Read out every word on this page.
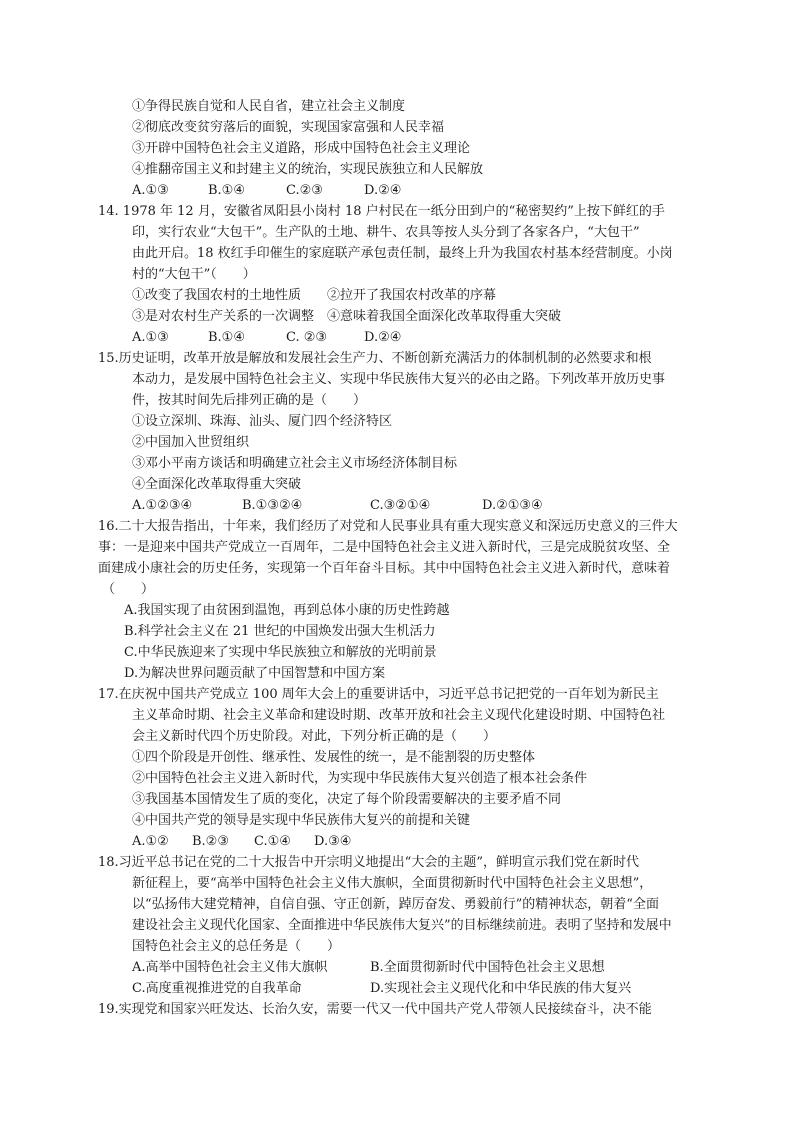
①争得民族自觉和人民自省，建立社会主义制度
②彻底改变贫穷落后的面貌，实现国家富强和人民幸福
③开辟中国特色社会主义道路，形成中国特色社会主义理论
④推翻帝国主义和封建主义的统治，实现民族独立和人民解放
A.①③	B.①④	C.②③	D.②④
14. 1978 年 12 月，安徽省凤阳县小岗村 18 户村民在一纸分田到户的“秘密契约”上按下鲜红的手
印，实行农业“大包干”。生产队的土地、耕牛、农具等按人头分到了各家各户，“大包干”
由此开启。18 枚红手印催生的家庭联产承包责任制，最终上升为我国农村基本经营制度。小岗
村的“大包干”（　　）
①改变了我国农村的土地性质　　②拉开了我国农村改革的序幕
③是对农村生产关系的一次调整　④意味着我国全面深化改革取得重大突破
A.①③	B.①④	C. ②③	D.②④
15.历史证明，改革开放是解放和发展社会生产力、不断创新充满活力的体制机制的必然要求和根
本动力，是发展中国特色社会主义、实现中华民族伟大复兴的必由之路。下列改革开放历史事
件，按其时间先后排列正确的是（　　）
①设立深圳、珠海、汕头、厦门四个经济特区
②中国加入世贸组织
③邓小平南方谈话和明确建立社会主义市场经济体制目标
④全面深化改革取得重大突破
A.①②③④	B.①③②④	C.③②①④	D.②①③④
16.二十大报告指出，十年来，我们经历了对党和人民事业具有重大现实意义和深远历史意义的三件大
事：一是迎来中国共产党成立一百周年，二是中国特色社会主义进入新时代，三是完成脱贫攻坚、全
面建成小康社会的历史任务，实现第一个百年奋斗目标。其中中国特色社会主义进入新时代，意味着
（　　）
A.我国实现了由贫困到温饱，再到总体小康的历史性跨越
B.科学社会主义在 21 世纪的中国焕发出强大生机活力
C.中华民族迎来了实现中华民族独立和解放的光明前景
D.为解决世界问题贡献了中国智慧和中国方案
17.在庆祝中国共产党成立 100 周年大会上的重要讲话中，习近平总书记把党的一百年划为新民主
主义革命时期、社会主义革命和建设时期、改革开放和社会主义现代化建设时期、中国特色社
会主义新时代四个历史阶段。对此，下列分析正确的是（　　）
①四个阶段是开创性、继承性、发展性的统一，是不能割裂的历史整体
②中国特色社会主义进入新时代，为实现中华民族伟大复兴创造了根本社会条件
③我国基本国情发生了质的变化，决定了每个阶段需要解决的主要矛盾不同
④中国共产党的领导是实现中华民族伟大复兴的前提和关键
A.①②	B.②③	C.①④	D.③④
18.习近平总书记在党的二十大报告中开宗明义地提出“大会的主题”，鲜明宣示我们党在新时代
新征程上，要“高举中国特色社会主义伟大旗帜，全面贯彻新时代中国特色社会主义思想”，
以“弘扬伟大建党精神，自信自强、守正创新，踔厉奋发、勇毅前行”的精神状态，朝着“全面
建设社会主义现代化国家、全面推进中华民族伟大复兴”的目标继续前进。表明了坚持和发展中
国特色社会主义的总任务是（　　）
A.高举中国特色社会主义伟大旗帜	B.全面贯彻新时代中国特色社会主义思想
C.高度重视推进党的自我革命	D.实现社会主义现代化和中华民族的伟大复兴
19.实现党和国家兴旺发达、长治久安，需要一代又一代中国共产党人带领人民接续奋斗，决不能
